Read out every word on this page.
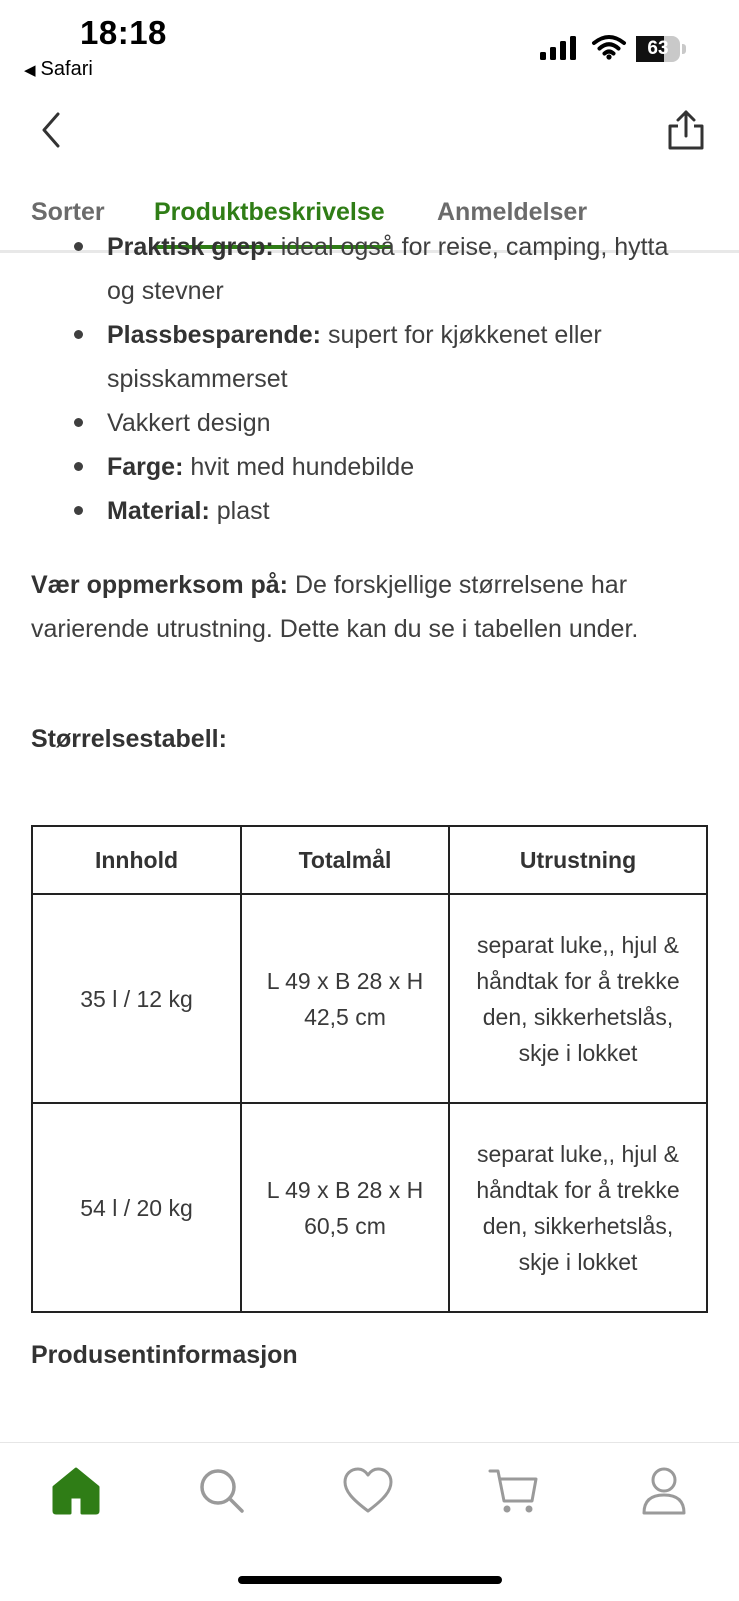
18:18
◀ Safari
63
Sorter Produktbeskrivelse Anmeldelser
Praktisk grep: ideal også for reise, camping, hytta og stevner
Plassbesparende: supert for kjøkkenet eller spisskammerset
Vakkert design
Farge: hvit med hundebilde
Material: plast
Vær oppmerksom på: De forskjellige størrelsene har varierende utrustning. Dette kan du se i tabellen under.
Størrelsestabell:
Innhold	Totalmål	Utrustning
35 l / 12 kg	L 49 x B 28 x H 42,5 cm	separat luke,, hjul & håndtak for å trekke den, sikkerhetslås, skje i lokket
54 l / 20 kg	L 49 x B 28 x H 60,5 cm	separat luke,, hjul & håndtak for å trekke den, sikkerhetslås, skje i lokket
Produsentinformasjon
